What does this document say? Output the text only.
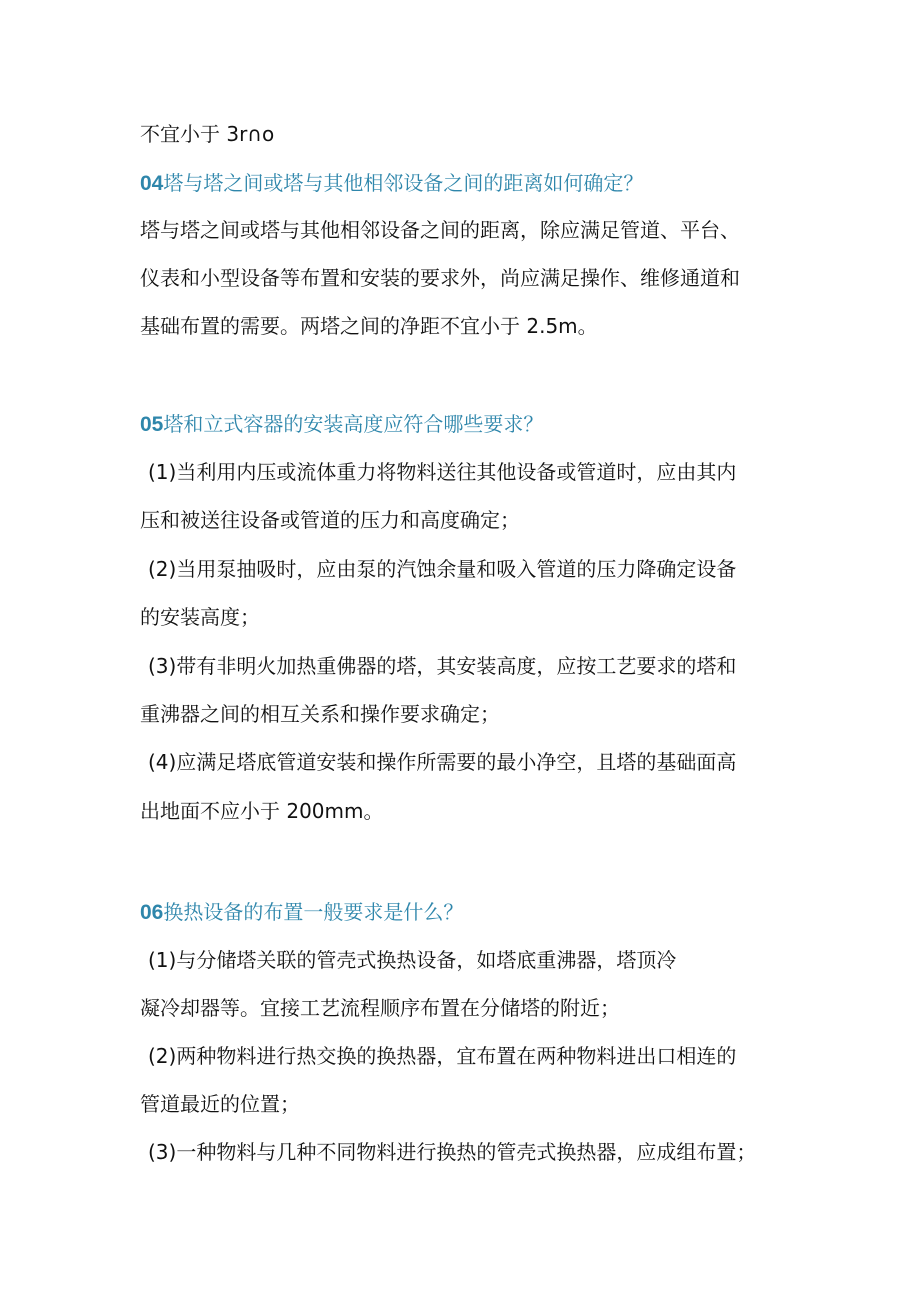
不宜小于 3r∩o
04塔与塔之间或塔与其他相邻设备之间的距离如何确定？
塔与塔之间或塔与其他相邻设备之间的距离，除应满足管道、平台、
仪表和小型设备等布置和安装的要求外，尚应满足操作、维修通道和
基础布置的需要。两塔之间的净距不宜小于 2.5m。
05塔和立式容器的安装高度应符合哪些要求？
(1)当利用内压或流体重力将物料送往其他设备或管道时，应由其内
压和被送往设备或管道的压力和高度确定；
(2)当用泵抽吸时，应由泵的汽蚀余量和吸入管道的压力降确定设备
的安装高度；
(3)带有非明火加热重佛器的塔，其安装高度，应按工艺要求的塔和
重沸器之间的相互关系和操作要求确定；
(4)应满足塔底管道安装和操作所需要的最小净空，且塔的基础面高
出地面不应小于 200mm。
06换热设备的布置一般要求是什么？
(1)与分储塔关联的管壳式换热设备，如塔底重沸器，塔顶冷
凝冷却器等。宜接工艺流程顺序布置在分储塔的附近；
(2)两种物料进行热交换的换热器，宜布置在两种物料进出口相连的
管道最近的位置；
(3)一种物料与几种不同物料进行换热的管壳式换热器，应成组布置；
